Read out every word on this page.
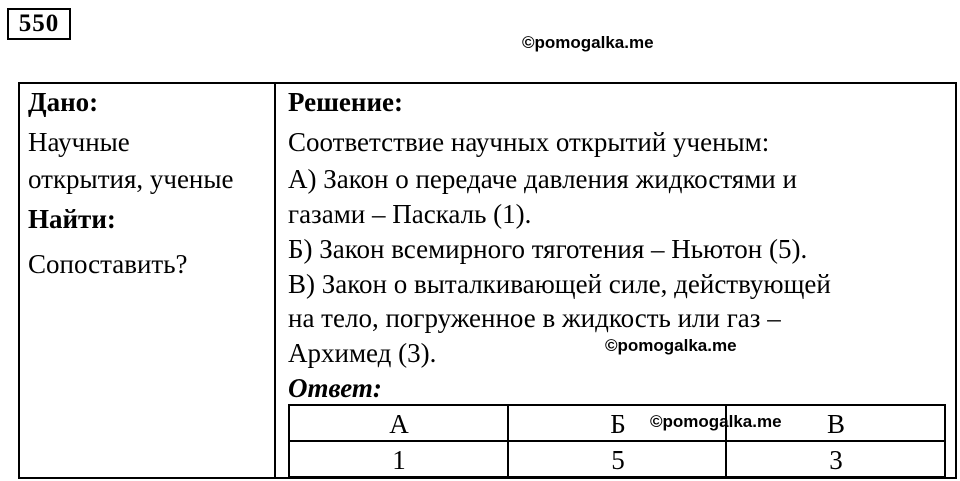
550
©pomogalka.me
Дано:
Научные
открытия, ученые
Найти:
Сопоставить?
Решение:
Соответствие научных открытий ученым:
А) Закон о передаче давления жидкостями и
газами – Паскаль (1).
Б) Закон всемирного тяготения – Ньютон (5).
В) Закон о выталкивающей силе, действующей
на тело, погруженное в жидкость или газ –
Архимед (3).	©pomogalka.me
Ответ:
А	Б	В
1	5	3
©pomogalka.me
